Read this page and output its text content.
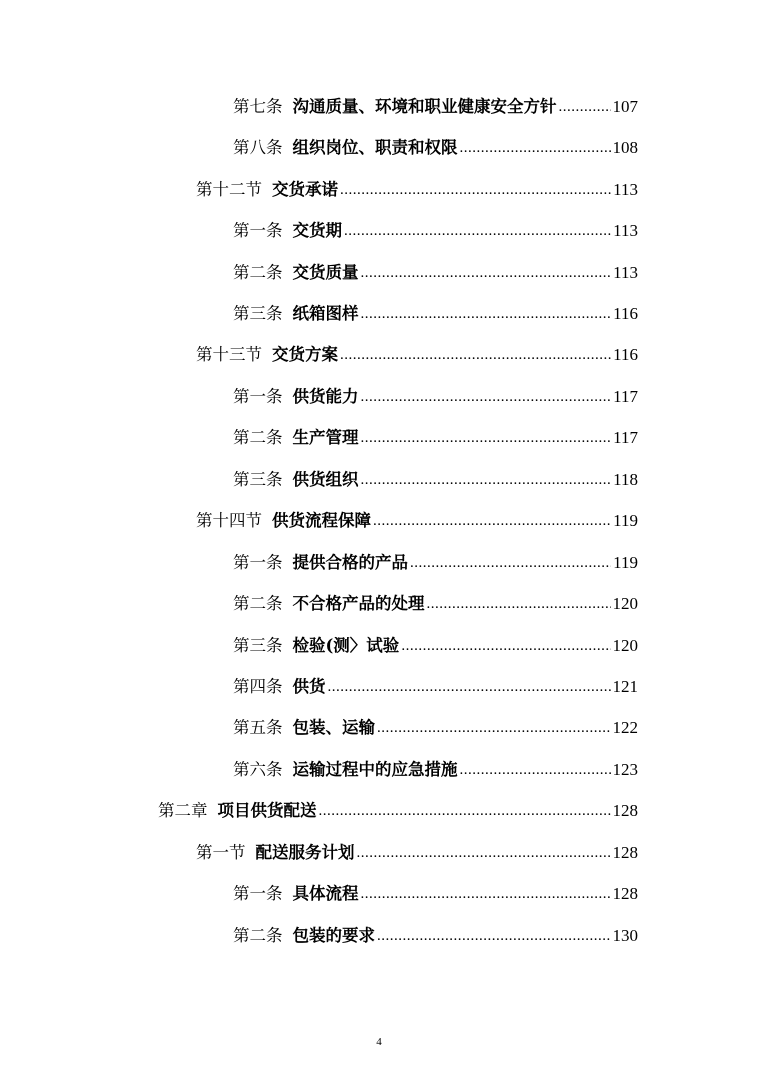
第七条 沟通质量、环境和职业健康安全方针 .....	107
第八条 组织岗位、职责和权限 .....	108
第十二节 交货承诺 .....	113
第一条 交货期 .....	113
第二条 交货质量 .....	113
第三条 纸箱图样 .....	116
第十三节 交货方案 .....	116
第一条 供货能力 .....	117
第二条 生产管理 .....	117
第三条 供货组织 .....	118
第十四节 供货流程保障 .....	119
第一条 提供合格的产品 .....	119
第二条 不合格产品的处理 .....	120
第三条 检验(测〉试验 .....	120
第四条 供货 .....	121
第五条 包装、运输 .....	122
第六条 运输过程中的应急措施 .....	123
第二章 项目供货配送 .....	128
第一节 配送服务计划 .....	128
第一条 具体流程 .....	128
第二条 包装的要求 .....	130
4
